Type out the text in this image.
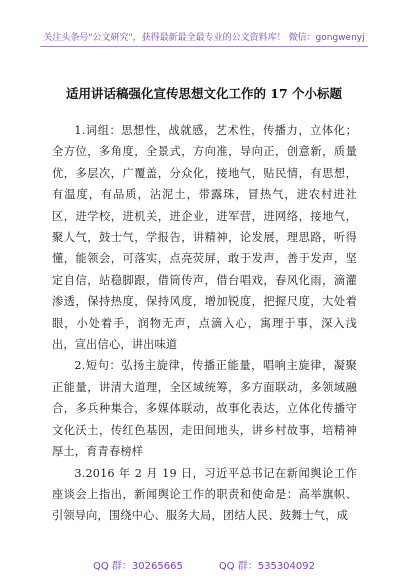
关注头条号"公文研究"，获得最新最全最专业的公文资料库！ 微信：gongwenyj
适用讲话稿强化宣传思想文化工作的 17 个小标题

1.词组：思想性，战就感，艺术性，传播力，立体化；全方位，多角度，全景式，方向准，导向正，创意新，质量优，多层次，广覆盖，分众化，接地气，贴民情，有思想，有温度，有品质，沾泥土，带露珠，冒热气，进农村进社区，进学校，进机关，进企业，进军营，进网络，接地气，聚人气，鼓士气，学报告，讲精神，论发展，理思路，听得懂，能领会，可落实，点亮荧屏，敢于发声，善于发声，坚定自信，站稳脚跟，借筒传声，借台唱戏，春风化雨，滴灌渗透，保持热度，保持风度，增加锐度，把握尺度，大处着眼，小处着手，润物无声，点滴入心，寓理于事，深入浅出，宣出信心，讲出味道

2.短句：弘扬主旋律，传播正能量，唱响主旋律，凝聚正能量，讲清大道理，全区域统筹，多方面联动，多领域融合，多兵种集合，多媒体联动，故事化表达，立体化传播守文化沃土，传红色基因，走田间地头，讲乡村故事，培精神厚土，育青春榜样

3.2016 年 2 月 19 日，习近平总书记在新闻舆论工作座谈会上指出，新闻舆论工作的职责和使命是：高举旗帜、引领导向，围绕中心、服务大局，团结人民、鼓舞士气，成

QQ 群：30265665	QQ 群：535304092
